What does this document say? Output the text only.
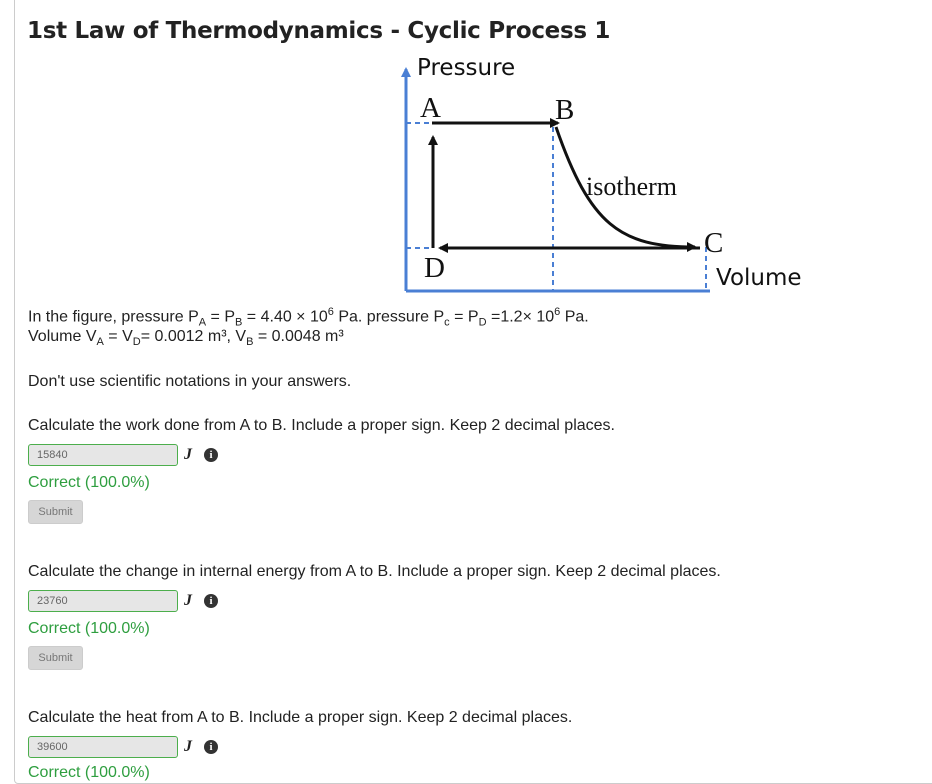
1st Law of Thermodynamics - Cyclic Process 1
Pressure
Volume
A	B
C
D
isotherm
In the figure, pressure $P_A = P_B = 4.40 \times 10^6$ Pa. pressure $P_c = P_D =1.2\times 10^6$ Pa.
Volume $V_A = V_D= 0.0012$ m³, $V_B = 0.0048$ m³
Don't use scientific notations in your answers.
Calculate the work done from A to B. Include a proper sign. Keep 2 decimal places.
15840	J	i
Correct (100.0%)
Submit
Calculate the change in internal energy from A to B. Include a proper sign. Keep 2 decimal places.
23760	J	i
Correct (100.0%)
Submit
Calculate the heat from A to B. Include a proper sign. Keep 2 decimal places.
39600	J	i
Correct (100.0%)
